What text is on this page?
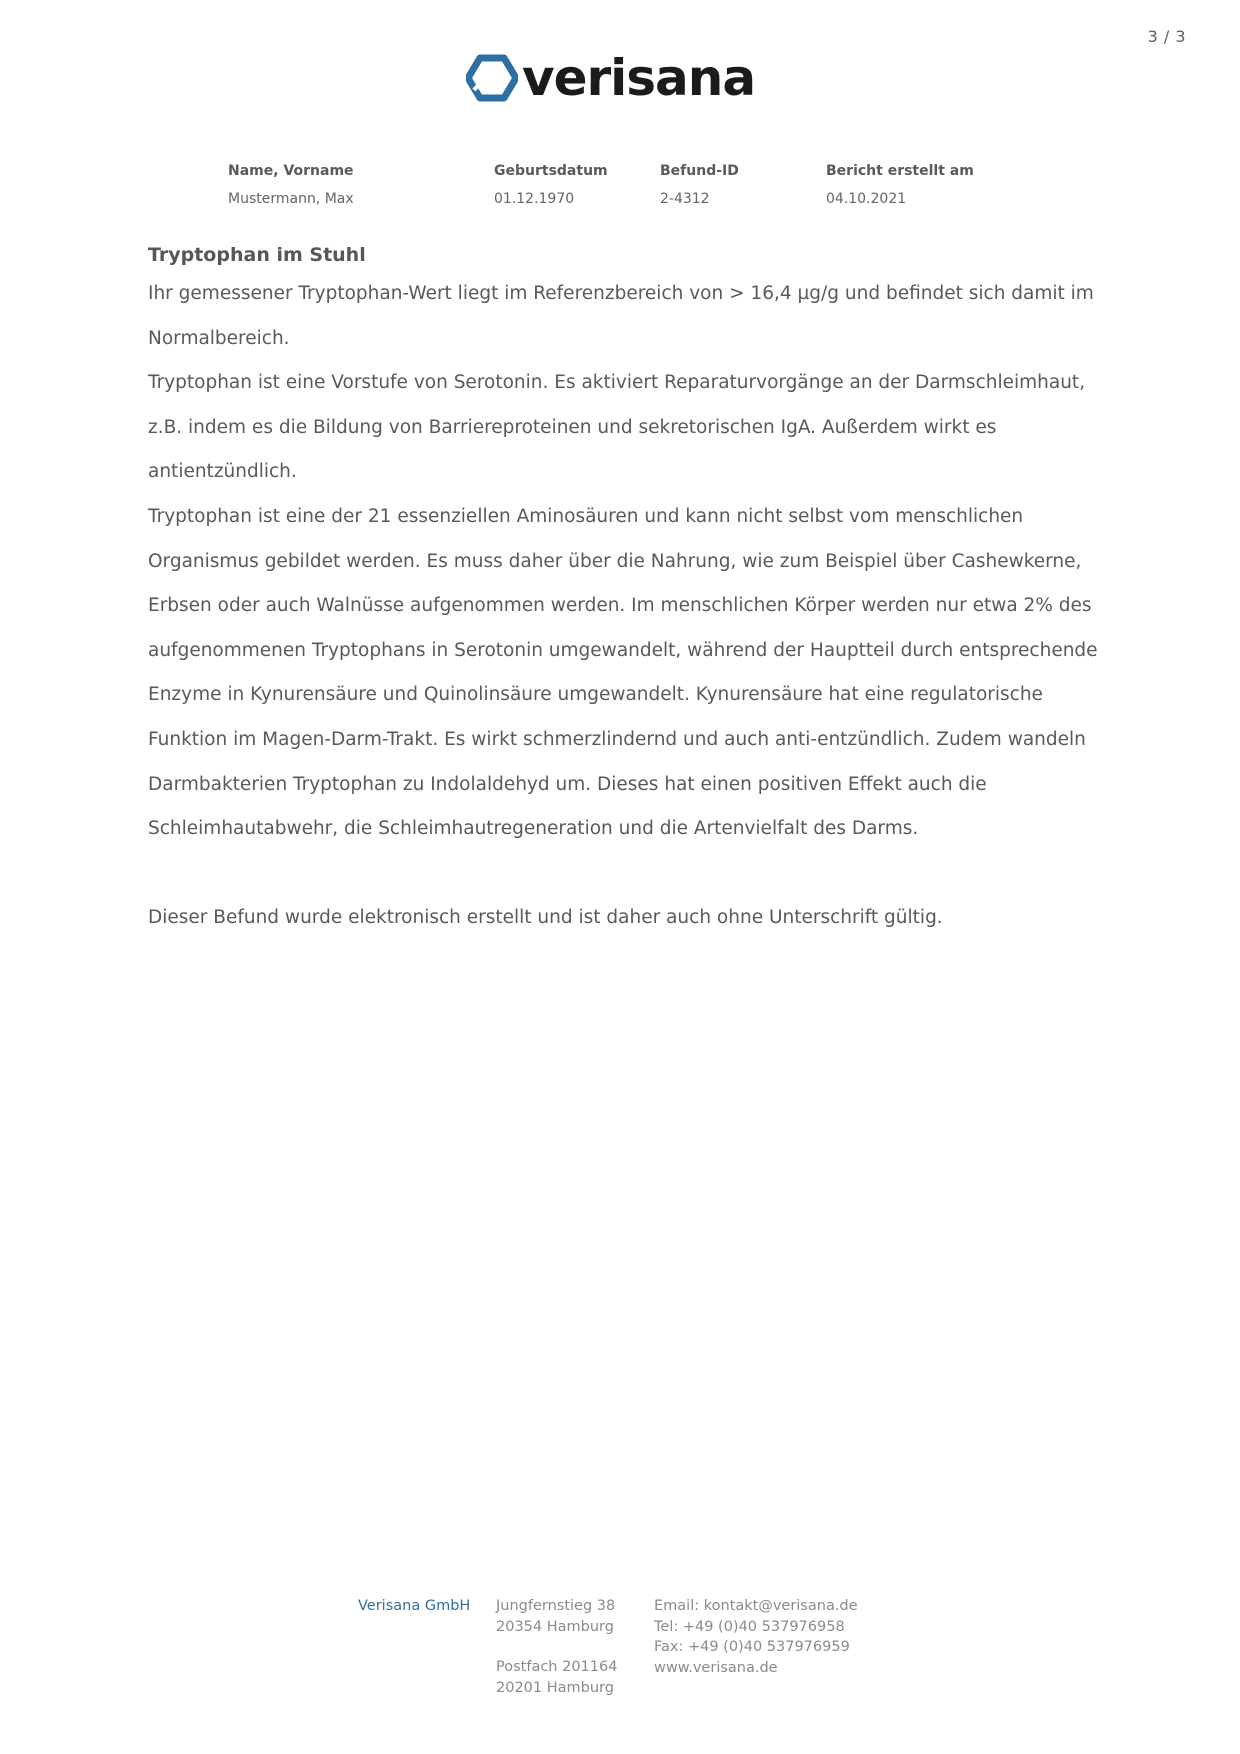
3 / 3
verisana
Name, Vorname
Mustermann, Max
Geburtsdatum
01.12.1970
Befund-ID
2-4312
Bericht erstellt am
04.10.2021
Tryptophan im Stuhl

Ihr gemessener Tryptophan-Wert liegt im Referenzbereich von > 16,4 µg/g und befindet sich damit im Normalbereich.

Tryptophan ist eine Vorstufe von Serotonin. Es aktiviert Reparaturvorgänge an der Darmschleimhaut, z.B. indem es die Bildung von Barriereproteinen und sekretorischen IgA. Außerdem wirkt es antientzündlich.

Tryptophan ist eine der 21 essenziellen Aminosäuren und kann nicht selbst vom menschlichen Organismus gebildet werden. Es muss daher über die Nahrung, wie zum Beispiel über Cashewkerne, Erbsen oder auch Walnüsse aufgenommen werden. Im menschlichen Körper werden nur etwa 2% des aufgenommenen Tryptophans in Serotonin umgewandelt, während der Hauptteil durch entsprechende Enzyme in Kynurensäure und Quinolinsäure umgewandelt. Kynurensäure hat eine regulatorische Funktion im Magen-Darm-Trakt. Es wirkt schmerzlindernd und auch anti-entzündlich. Zudem wandeln Darmbakterien Tryptophan zu Indolaldehyd um. Dieses hat einen positiven Effekt auch die Schleimhautabwehr, die Schleimhautregeneration und die Artenvielfalt des Darms.

Dieser Befund wurde elektronisch erstellt und ist daher auch ohne Unterschrift gültig.

Verisana GmbH Jungfernstieg 38
20354 Hamburg
Postfach 201164
20201 Hamburg
Email: kontakt@verisana.de
Tel: +49 (0)40 537976958
Fax: +49 (0)40 537976959
www.verisana.de
